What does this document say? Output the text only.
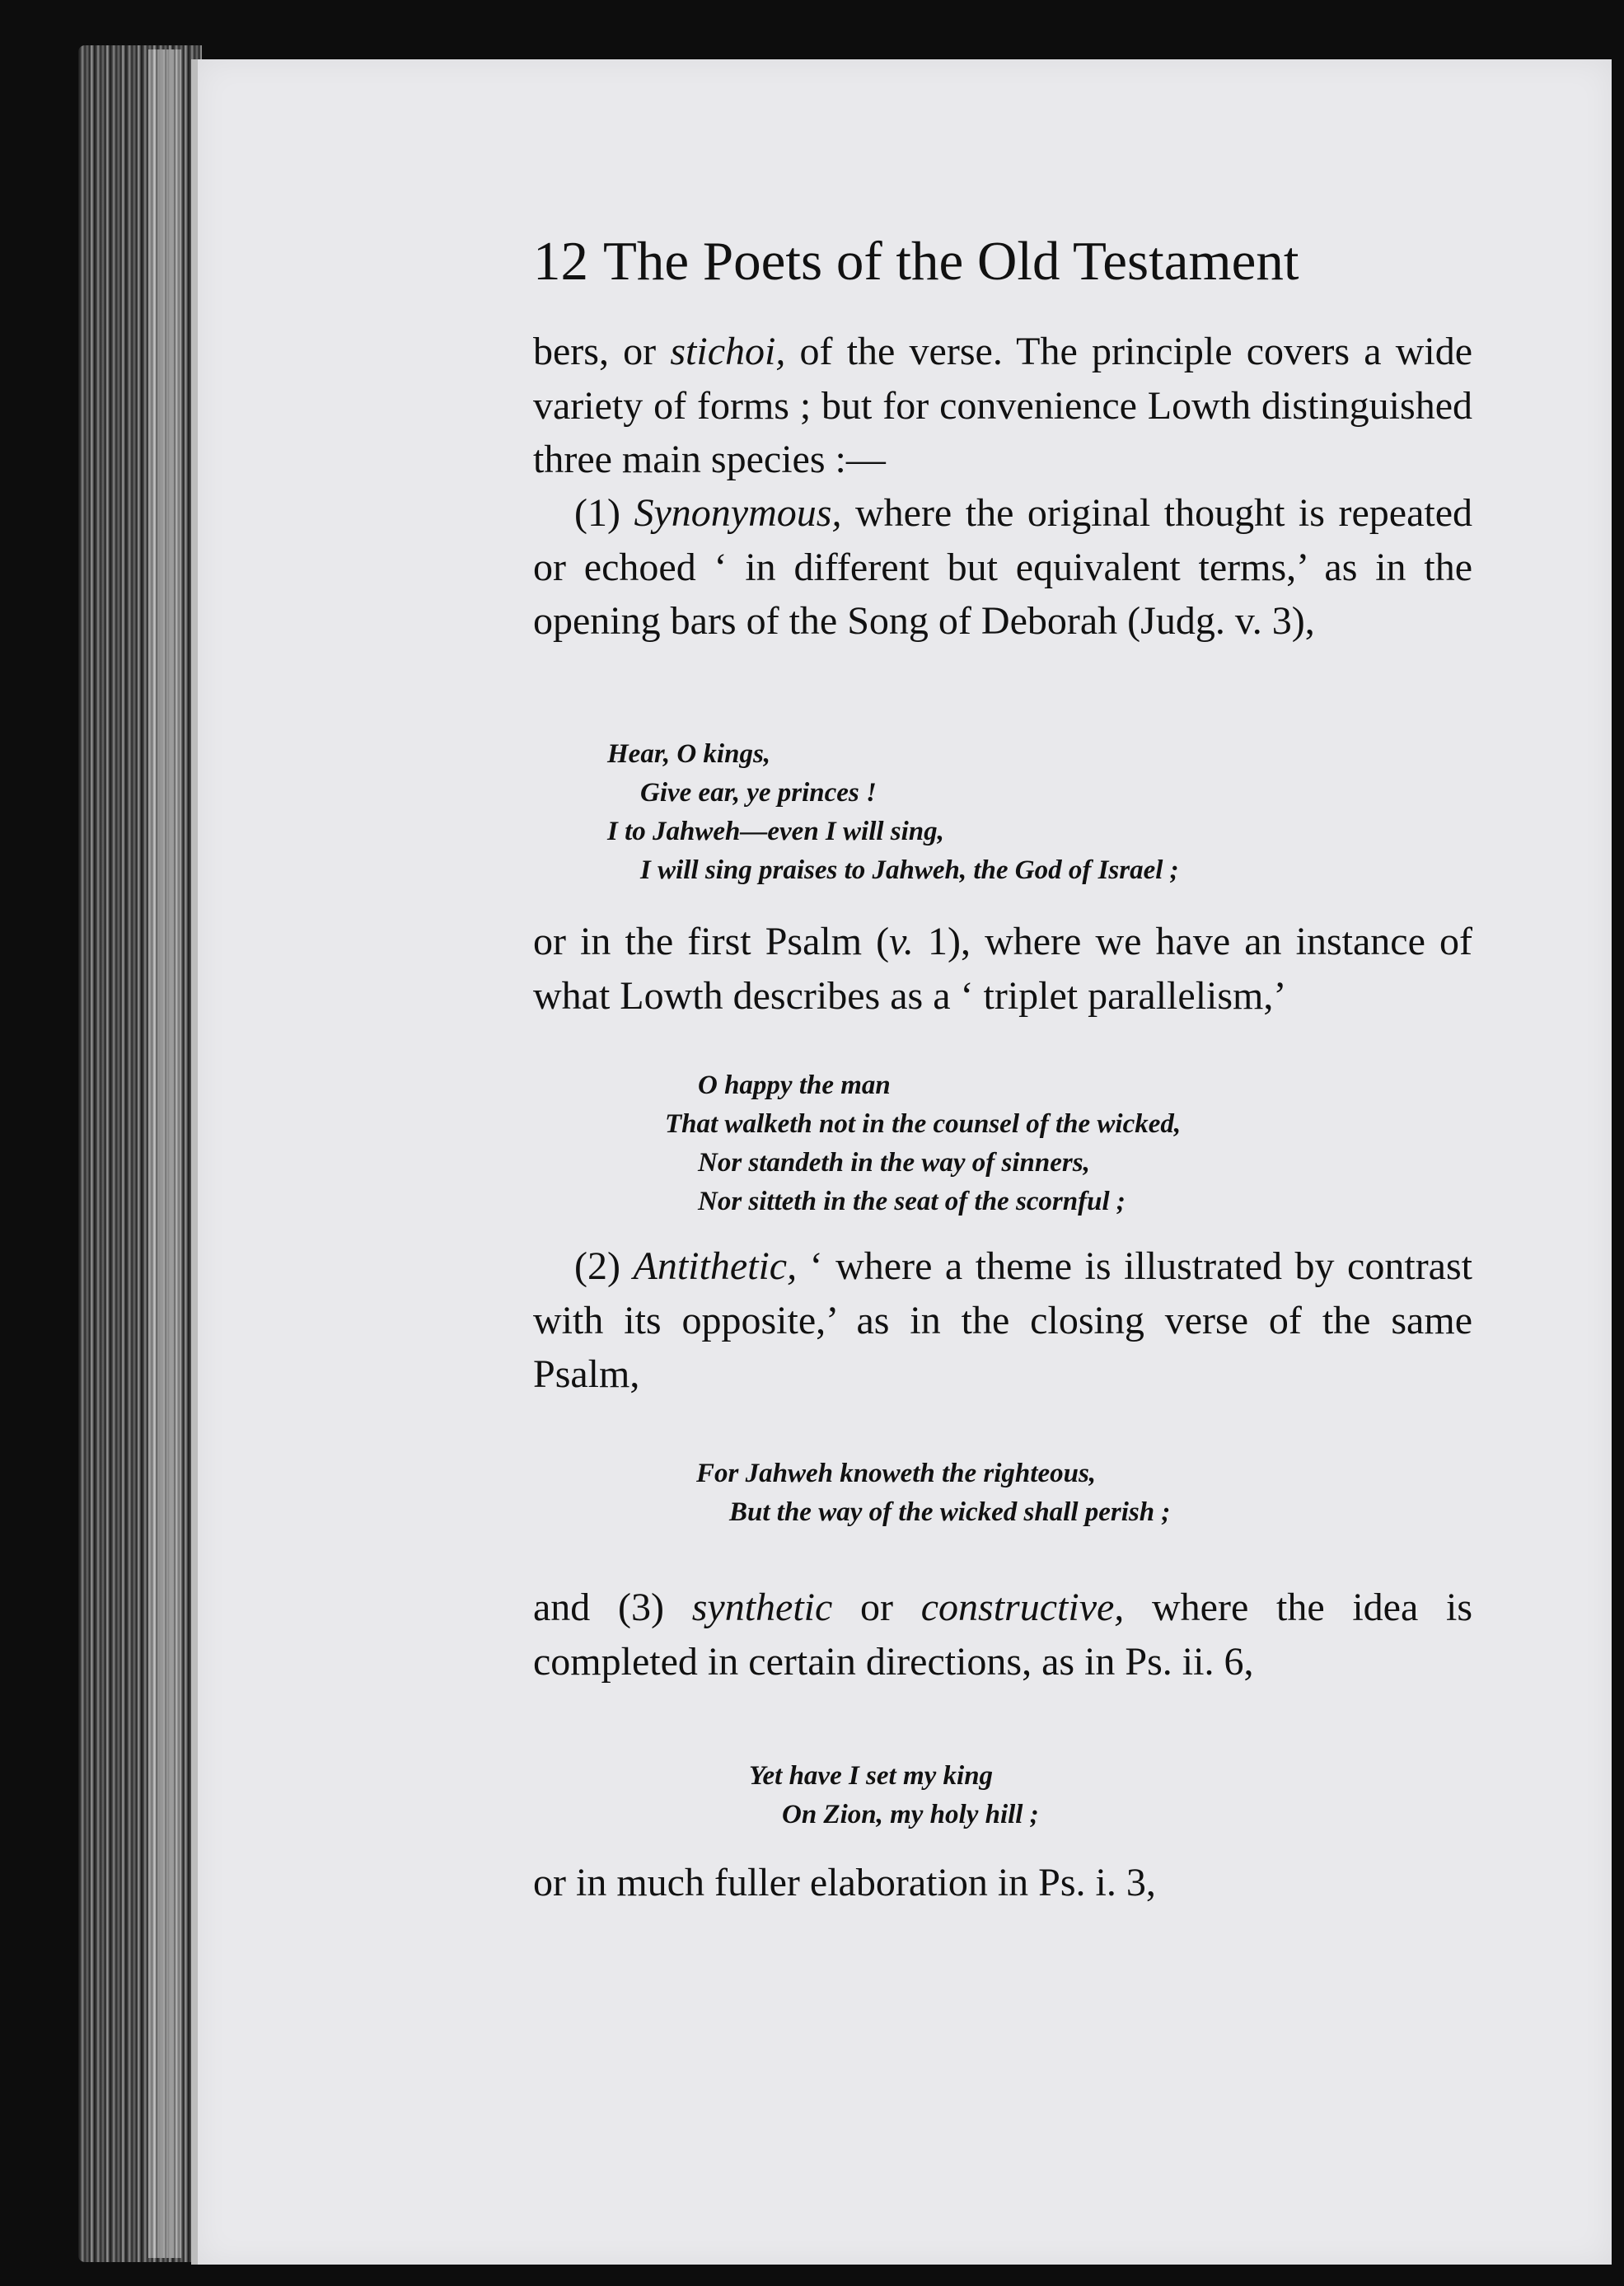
12 The Poets of the Old Testament
bers, or stichoi, of the verse. The principle covers a wide variety of forms ; but for convenience Lowth distinguished three main species :—
(1) Synonymous, where the original thought is repeated or echoed ‘ in different but equivalent terms,’ as in the opening bars of the Song of Deborah (Judg. v. 3),
Hear, O kings,
Give ear, ye princes !
I to Jahweh—even I will sing,
I will sing praises to Jahweh, the God of Israel ;
or in the first Psalm (v. 1), where we have an instance of what Lowth describes as a ‘ triplet parallelism,’
O happy the man
That walketh not in the counsel of the wicked,
Nor standeth in the way of sinners,
Nor sitteth in the seat of the scornful ;
(2) Antithetic, ‘ where a theme is illustrated by contrast with its opposite,’ as in the closing verse of the same Psalm,
For Jahweh knoweth the righteous,
But the way of the wicked shall perish ;
and (3) synthetic or constructive, where the idea is completed in certain directions, as in Ps. ii. 6,
Yet have I set my king
On Zion, my holy hill ;
or in much fuller elaboration in Ps. i. 3,
